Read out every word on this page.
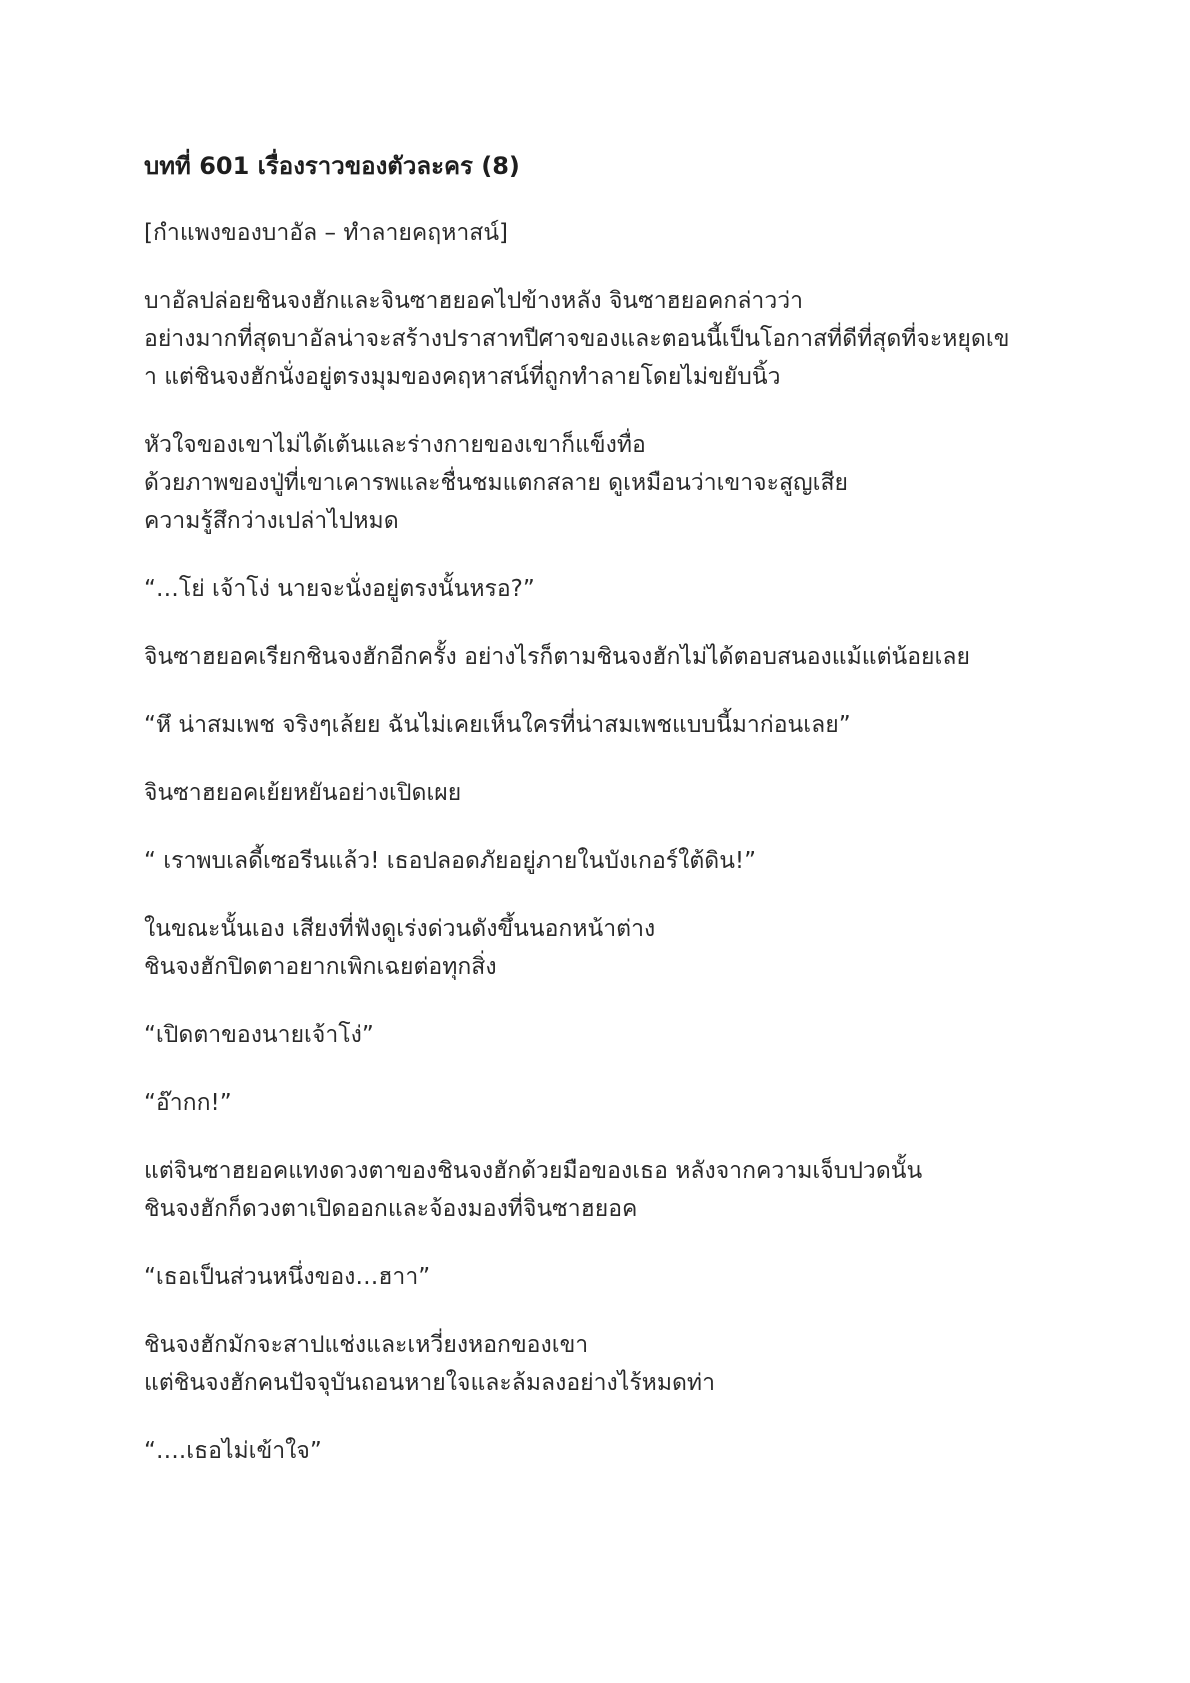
บทที่ 601 เรื่องราวของตัวละคร (8)

[กำแพงของบาอัล – ทำลายคฤหาสน์]

บาอัลปล่อยชินจงฮักและจินซาฮยอคไปข้างหลัง จินซาฮยอคกล่าวว่า
อย่างมากที่สุดบาอัลน่าจะสร้างปราสาทปีศาจของและตอนนี้เป็นโอกาสที่ดีที่สุดที่จะหยุดเข
า แต่ชินจงฮักนั่งอยู่ตรงมุมของคฤหาสน์ที่ถูกทำลายโดยไม่ขยับนิ้ว

หัวใจของเขาไม่ได้เต้นและร่างกายของเขาก็แข็งทื่อ
ด้วยภาพของปู่ที่เขาเคารพและชื่นชมแตกสลาย ดูเหมือนว่าเขาจะสูญเสีย
ความรู้สึกว่างเปล่าไปหมด

“…โย่ เจ้าโง่ นายจะนั่งอยู่ตรงนั้นหรอ?”

จินซาฮยอคเรียกชินจงฮักอีกครั้ง อย่างไรก็ตามชินจงฮักไม่ได้ตอบสนองแม้แต่น้อยเลย

“หึ น่าสมเพช จริงๆเล้ยย ฉันไม่เคยเห็นใครที่น่าสมเพชแบบนี้มาก่อนเลย”

จินซาฮยอคเย้ยหยันอย่างเปิดเผย

“ เราพบเลดี้เซอรีนแล้ว! เธอปลอดภัยอยู่ภายในบังเกอร์ใต้ดิน!”

ในขณะนั้นเอง เสียงที่ฟังดูเร่งด่วนดังขึ้นนอกหน้าต่าง
ชินจงฮักปิดตาอยากเพิกเฉยต่อทุกสิ่ง

“เปิดตาของนายเจ้าโง่”

“อ๊ากก!”

แต่จินซาฮยอคแทงดวงตาของชินจงฮักด้วยมือของเธอ หลังจากความเจ็บปวดนั้น
ชินจงฮักก็ดวงตาเปิดออกและจ้องมองที่จินซาฮยอค

“เธอเป็นส่วนหนึ่งของ…ฮาา”

ชินจงฮักมักจะสาปแช่งและเหวี่ยงหอกของเขา
แต่ชินจงฮักคนปัจจุบันถอนหายใจและล้มลงอย่างไร้หมดท่า

“….เธอไม่เข้าใจ”
